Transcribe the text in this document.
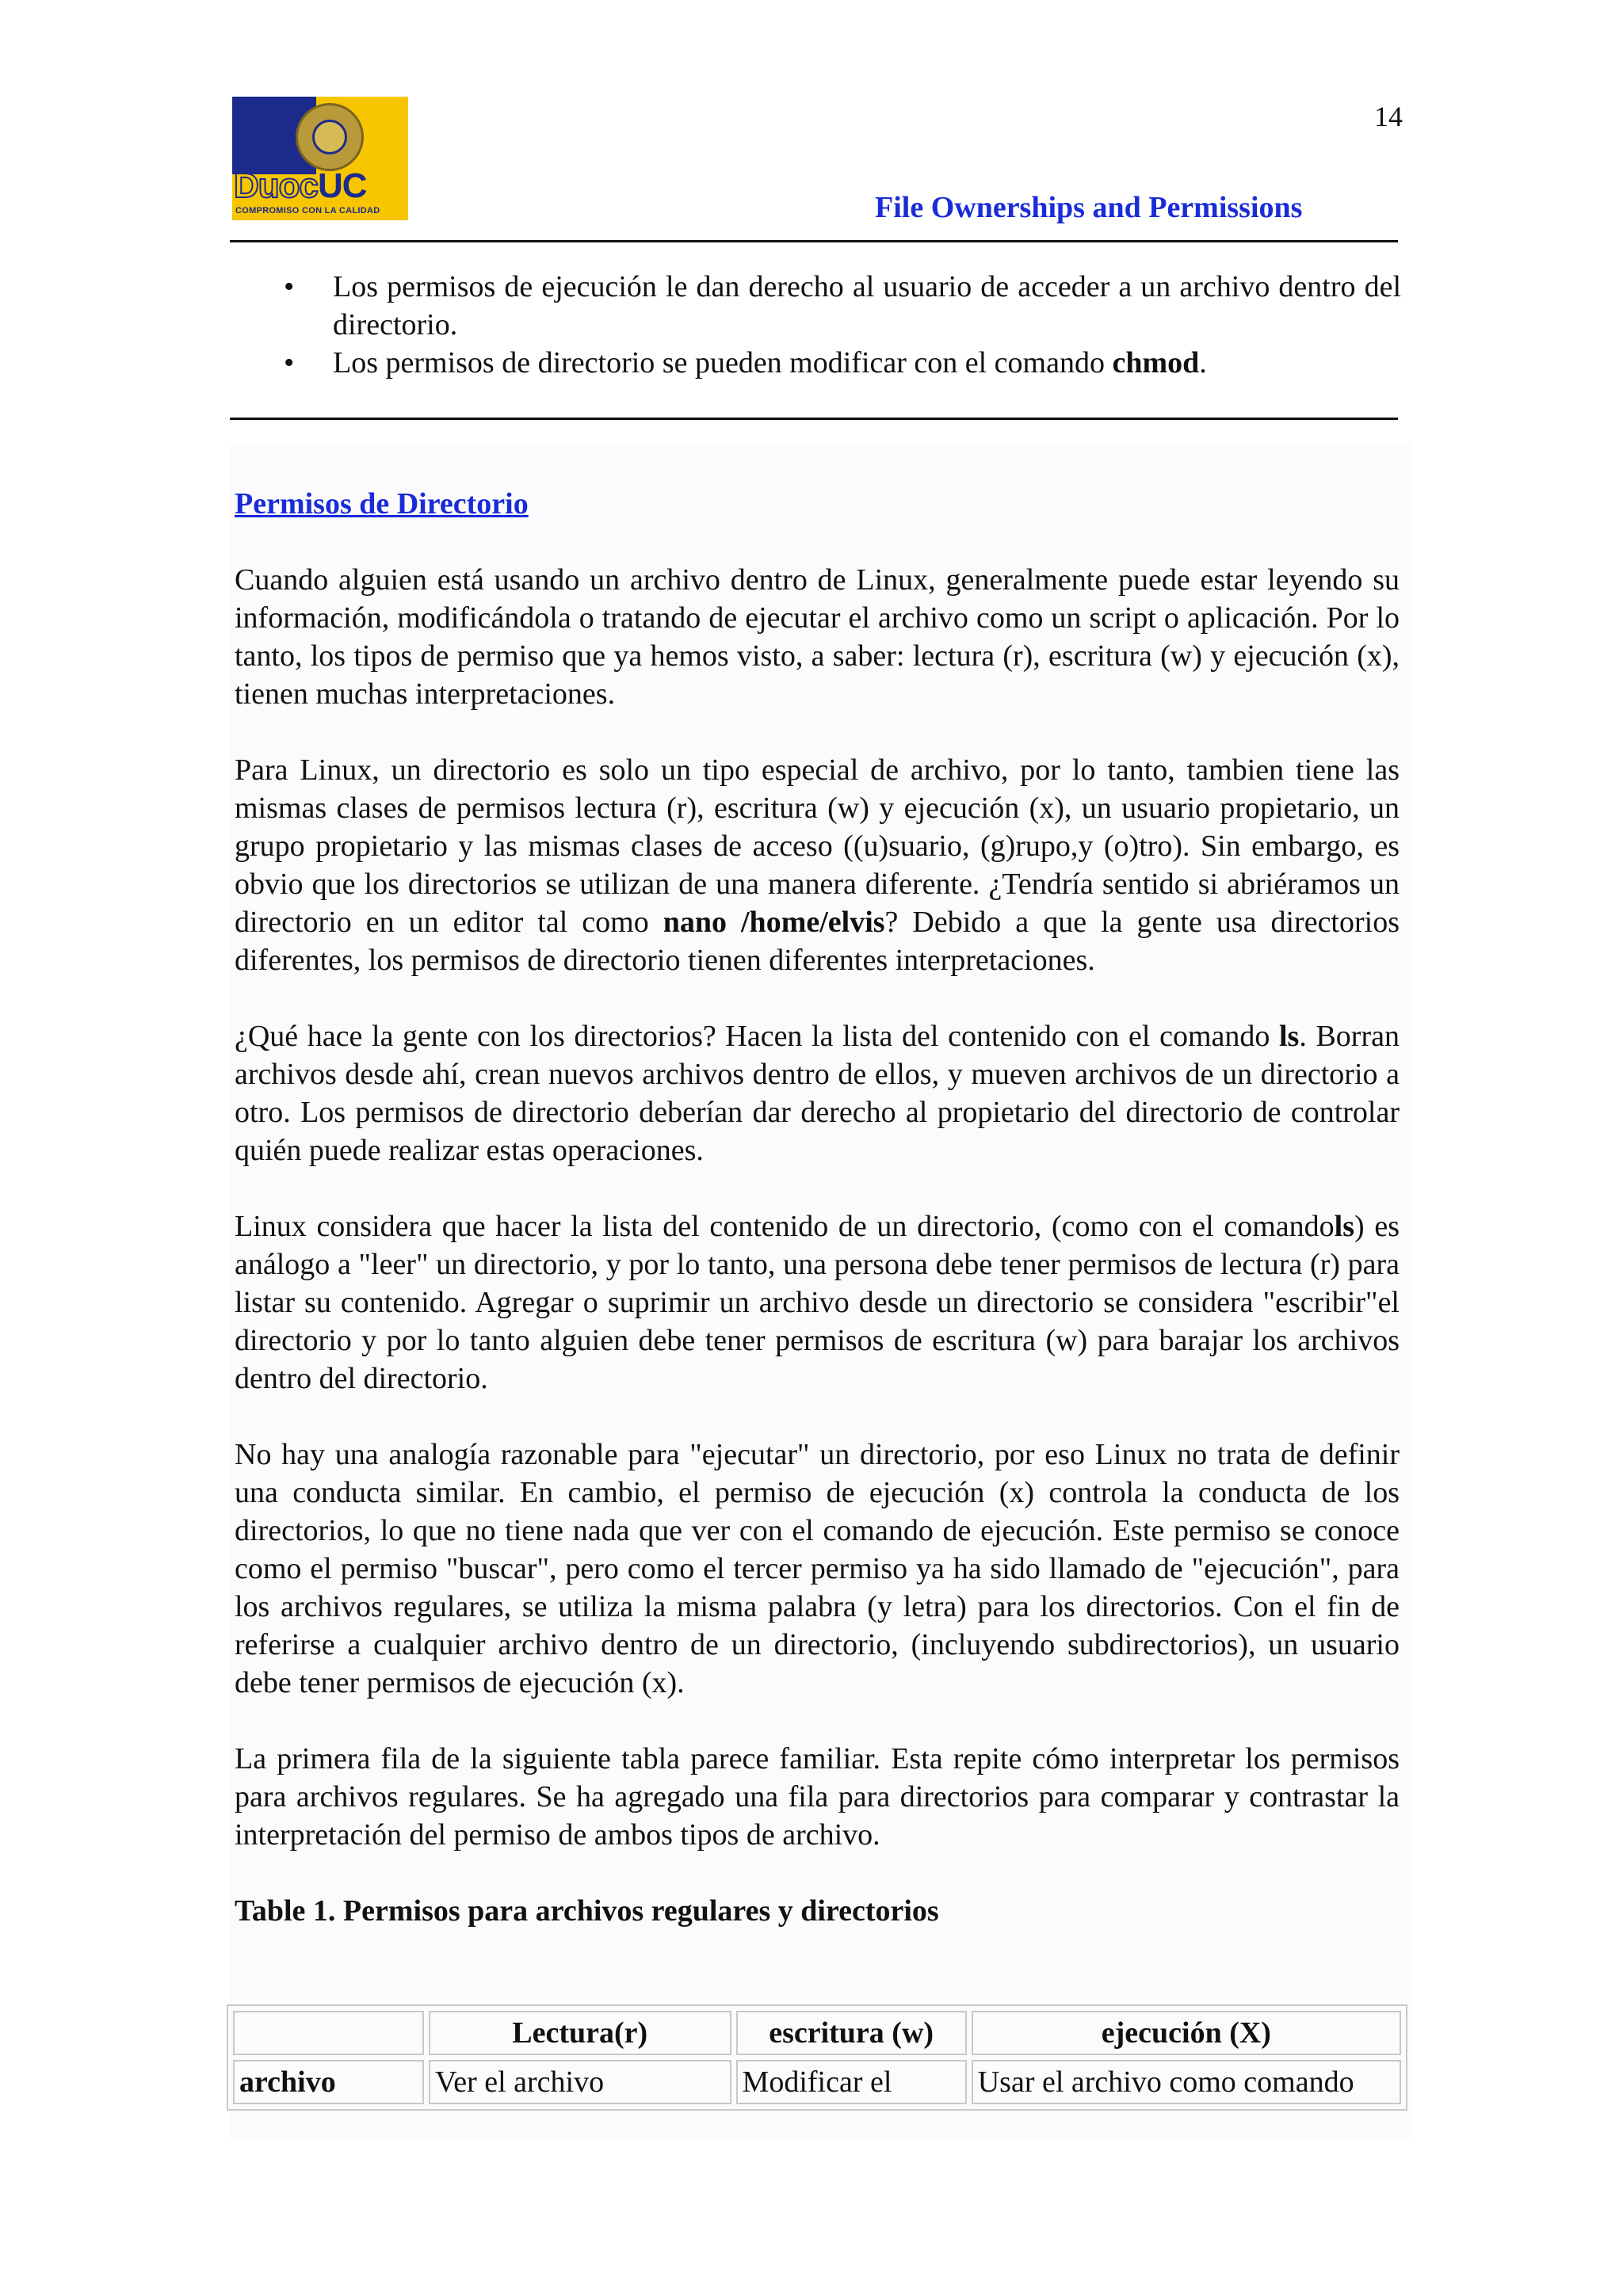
DuocUC
COMPROMISO CON LA CALIDAD
14
File Ownerships and Permissions
• Los permisos de ejecución le dan derecho al usuario de acceder a un archivo dentro del directorio.
• Los permisos de directorio se pueden modificar con el comando chmod.
Permisos de Directorio

Cuando alguien está usando un archivo dentro de Linux, generalmente puede estar leyendo su información, modificándola o tratando de ejecutar el archivo como un script o aplicación. Por lo tanto, los tipos de permiso que ya hemos visto, a saber: lectura (r), escritura (w) y ejecución (x), tienen muchas interpretaciones.

Para Linux, un directorio es solo un tipo especial de archivo, por lo tanto, tambien tiene las mismas clases de permisos lectura (r), escritura (w) y ejecución (x), un usuario propietario, un grupo propietario y las mismas clases de acceso ((u)suario, (g)rupo,y (o)tro). Sin embargo, es obvio que los directorios se utilizan de una manera diferente. ¿Tendría sentido si abriéramos un directorio en un editor tal como nano /home/elvis? Debido a que la gente usa directorios diferentes, los permisos de directorio tienen diferentes interpretaciones.

¿Qué hace la gente con los directorios? Hacen la lista del contenido con el comando ls. Borran archivos desde ahí, crean nuevos archivos dentro de ellos, y mueven archivos de un directorio a otro. Los permisos de directorio deberían dar derecho al propietario del directorio de controlar quién puede realizar estas operaciones.

Linux considera que hacer la lista del contenido de un directorio, (como con el comandols) es análogo a "leer" un directorio, y por lo tanto, una persona debe tener permisos de lectura (r) para listar su contenido. Agregar o suprimir un archivo desde un directorio se considera "escribir"el directorio y por lo tanto alguien debe tener permisos de escritura (w) para barajar los archivos dentro del directorio.

No hay una analogía razonable para "ejecutar" un directorio, por eso Linux no trata de definir una conducta similar. En cambio, el permiso de ejecución (x) controla la conducta de los directorios, lo que no tiene nada que ver con el comando de ejecución. Este permiso se conoce como el permiso "buscar", pero como el tercer permiso ya ha sido llamado de "ejecución", para los archivos regulares, se utiliza la misma palabra (y letra) para los directorios. Con el fin de referirse a cualquier archivo dentro de un directorio, (incluyendo subdirectorios), un usuario debe tener permisos de ejecución (x).

La primera fila de la siguiente tabla parece familiar. Esta repite cómo interpretar los permisos para archivos regulares. Se ha agregado una fila para directorios para comparar y contrastar la interpretación del permiso de ambos tipos de archivo.

Table 1. Permisos para archivos regulares y directorios
	Lectura(r)	escritura (w)	ejecución (X)
archivo	Ver el archivo	Modificar el	Usar el archivo como comando
